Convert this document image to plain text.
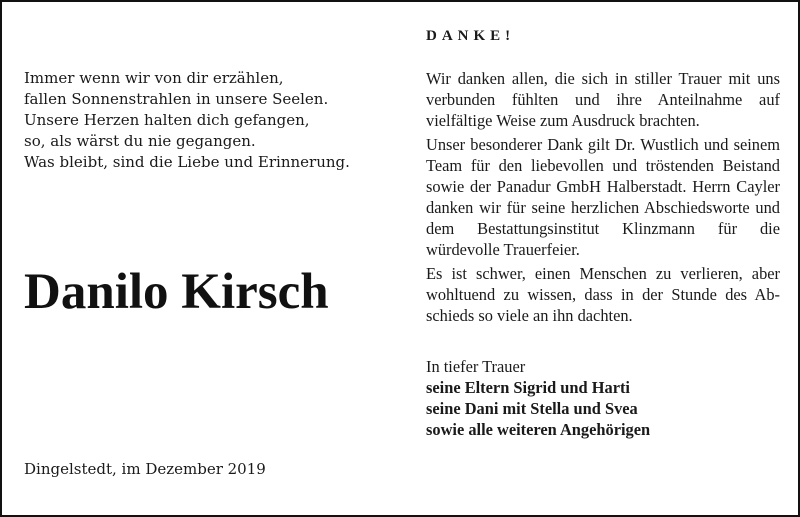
Immer wenn wir von dir erzählen,
fallen Sonnenstrahlen in unsere Seelen.
Unsere Herzen halten dich gefangen,
so, als wärst du nie gegangen.
Was bleibt, sind die Liebe und Erinnerung.
Danilo Kirsch

Dingelstedt, im Dezember 2019

DANKE!

Wir danken allen, die sich in stiller Trauer mit uns verbunden fühlten und ihre Anteilnahme auf vielfältige Weise zum Ausdruck brachten.

Unser besonderer Dank gilt Dr. Wustlich und seinem Team für den liebevollen und tröstenden Beistand sowie der Panadur GmbH Halberstadt. Herrn Cayler danken wir für seine herzlichen Abschiedsworte und dem Bestattungsinstitut Klinzmann für die würdevolle Trauerfeier.

Es ist schwer, einen Menschen zu verlieren, aber wohltuend zu wissen, dass in der Stunde des Abschieds so viele an ihn dachten.

In tiefer Trauer

seine Eltern Sigrid und Harti

seine Dani mit Stella und Svea

sowie alle weiteren Angehörigen
